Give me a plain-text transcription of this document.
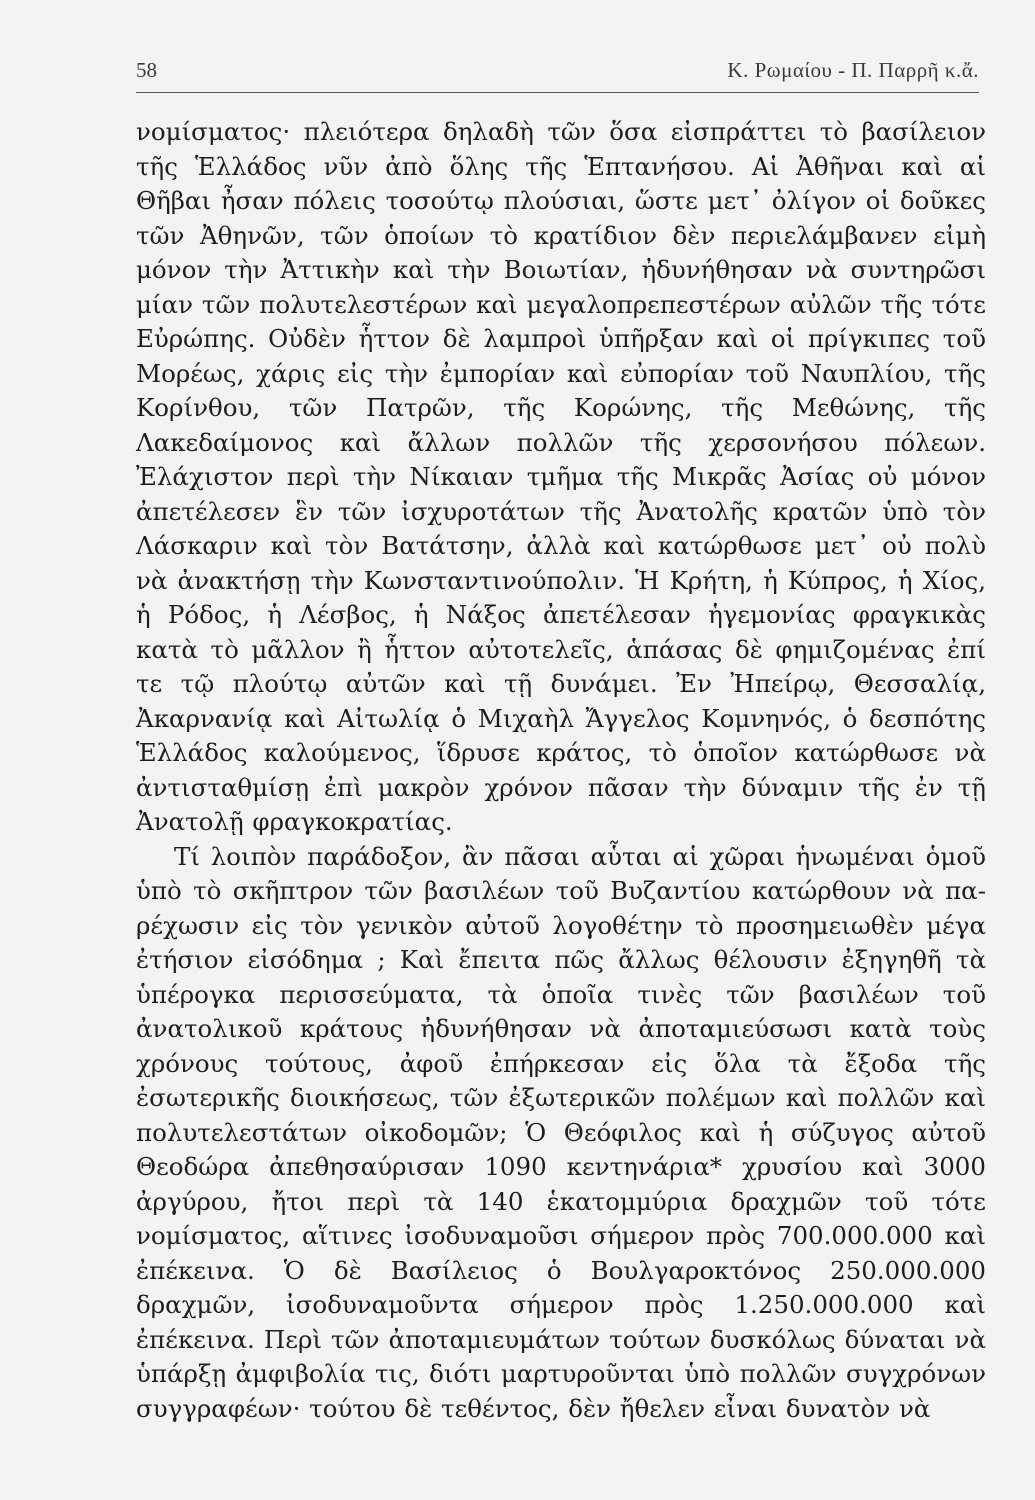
58	Κ. Ρωμαίου - Π. Παρρῆ κ.ἄ.

νομίσματος· πλειότερα δηλαδὴ τῶν ὅσα εἰσπράττει τὸ βασίλειον τῆς Ἑλλάδος νῦν ἀπὸ ὅλης τῆς Ἑπτανήσου. Αἱ Ἀθῆναι καὶ αἱ Θῆβαι ἦσαν πόλεις τοσούτῳ πλούσιαι, ὥστε μετ᾽ ὀλίγον οἱ δοῦκες τῶν Ἀθηνῶν, τῶν ὁποίων τὸ κρατίδιον δὲν περιελάμβανεν εἰμὴ μόνον τὴν Ἀττικὴν καὶ τὴν Βοιωτίαν, ἠδυνήθησαν νὰ συντηρῶσι μίαν τῶν πολυτελεστέρων καὶ μεγαλοπρεπεστέρων αὐλῶν τῆς τότε Εὐρώπης. Οὐδὲν ἧττον δὲ λαμπροὶ ὑπῆρξαν καὶ οἱ πρίγκιπες τοῦ Μορέως, χάρις εἰς τὴν ἐμπορίαν καὶ εὐπορίαν τοῦ Ναυπλίου, τῆς Κορίνθου, τῶν Πατρῶν, τῆς Κορώνης, τῆς Μεθώνης, τῆς Λακεδαίμονος καὶ ἄλλων πολλῶν τῆς χερσονήσου πόλεων. Ἐλάχιστον περὶ τὴν Νίκαιαν τμῆμα τῆς Μικρᾶς Ἀσίας οὐ μόνον ἀπετέλεσεν ἓν τῶν ἰσχυροτάτων τῆς Ἀνατολῆς κρατῶν ὑπὸ τὸν Λάσκαριν καὶ τὸν Βατάτσην, ἀλλὰ καὶ κατώρθωσε μετ᾽ οὐ πολὺ νὰ ἀνακτήσῃ τὴν Κωνσταντινούπολιν. Ἡ Κρήτη, ἡ Κύπρος, ἡ Χίος, ἡ Ρόδος, ἡ Λέσβος, ἡ Νάξος ἀπετέλεσαν ἡγεμονίας φραγκικὰς κατὰ τὸ μᾶλλον ἢ ἧττον αὐτοτελεῖς, ἁπάσας δὲ φημιζομένας ἐπί τε τῷ πλούτῳ αὐτῶν καὶ τῇ δυνάμει. Ἐν Ἠπείρῳ, Θεσσαλίᾳ, Ἀκαρνανίᾳ καὶ Αἰτωλίᾳ ὁ Μιχαὴλ Ἄγγελος Κομνηνός, ὁ δεσπότης Ἑλλάδος καλούμενος, ἵδρυσε κράτος, τὸ ὁποῖον κατώρθωσε νὰ ἀντισταθμίσῃ ἐπὶ μακρὸν χρόνον πᾶσαν τὴν δύναμιν τῆς ἐν τῇ Ἀνατολῇ φραγκοκρατίας.

Τί λοιπὸν παράδοξον, ἂν πᾶσαι αὗται αἱ χῶραι ἡνωμέναι ὁμοῦ ὑπὸ τὸ σκῆπτρον τῶν βασιλέων τοῦ Βυζαντίου κατώρθουν νὰ παρέχωσιν εἰς τὸν γενικὸν αὐτοῦ λογοθέτην τὸ προσημειωθὲν μέγα ἐτήσιον εἰσόδημα ; Καὶ ἔπειτα πῶς ἄλλως θέλουσιν ἐξηγηθῆ τὰ ὑπέρογκα περισσεύματα, τὰ ὁποῖα τινὲς τῶν βασιλέων τοῦ ἀνατολικοῦ κράτους ἠδυνήθησαν νὰ ἀποταμιεύσωσι κατὰ τοὺς χρόνους τούτους, ἀφοῦ ἐπήρκεσαν εἰς ὅλα τὰ ἔξοδα τῆς ἐσωτερικῆς διοικήσεως, τῶν ἐξωτερικῶν πολέμων καὶ πολλῶν καὶ πολυτελεστάτων οἰκοδομῶν; Ὁ Θεόφιλος καὶ ἡ σύζυγος αὐτοῦ Θεοδώρα ἀπεθησαύρισαν 1090 κεντηνάρια* χρυσίου καὶ 3000 ἀργύρου, ἤτοι περὶ τὰ 140 ἑκατομμύρια δραχμῶν τοῦ τότε νομίσματος, αἵτινες ἰσοδυναμοῦσι σήμερον πρὸς 700.000.000 καὶ ἐπέκεινα. Ὁ δὲ Βασίλειος ὁ Βουλγαροκτόνος 250.000.000 δραχμῶν, ἰσοδυναμοῦντα σήμερον πρὸς 1.250.000.000 καὶ ἐπέκεινα. Περὶ τῶν ἀποταμιευμάτων τούτων δυσκόλως δύναται νὰ ὑπάρξῃ ἀμφιβολία τις, διότι μαρτυροῦνται ὑπὸ πολλῶν συγχρόνων συγγραφέων· τούτου δὲ τεθέντος, δὲν ἤθελεν εἶναι δυνατὸν νὰ
